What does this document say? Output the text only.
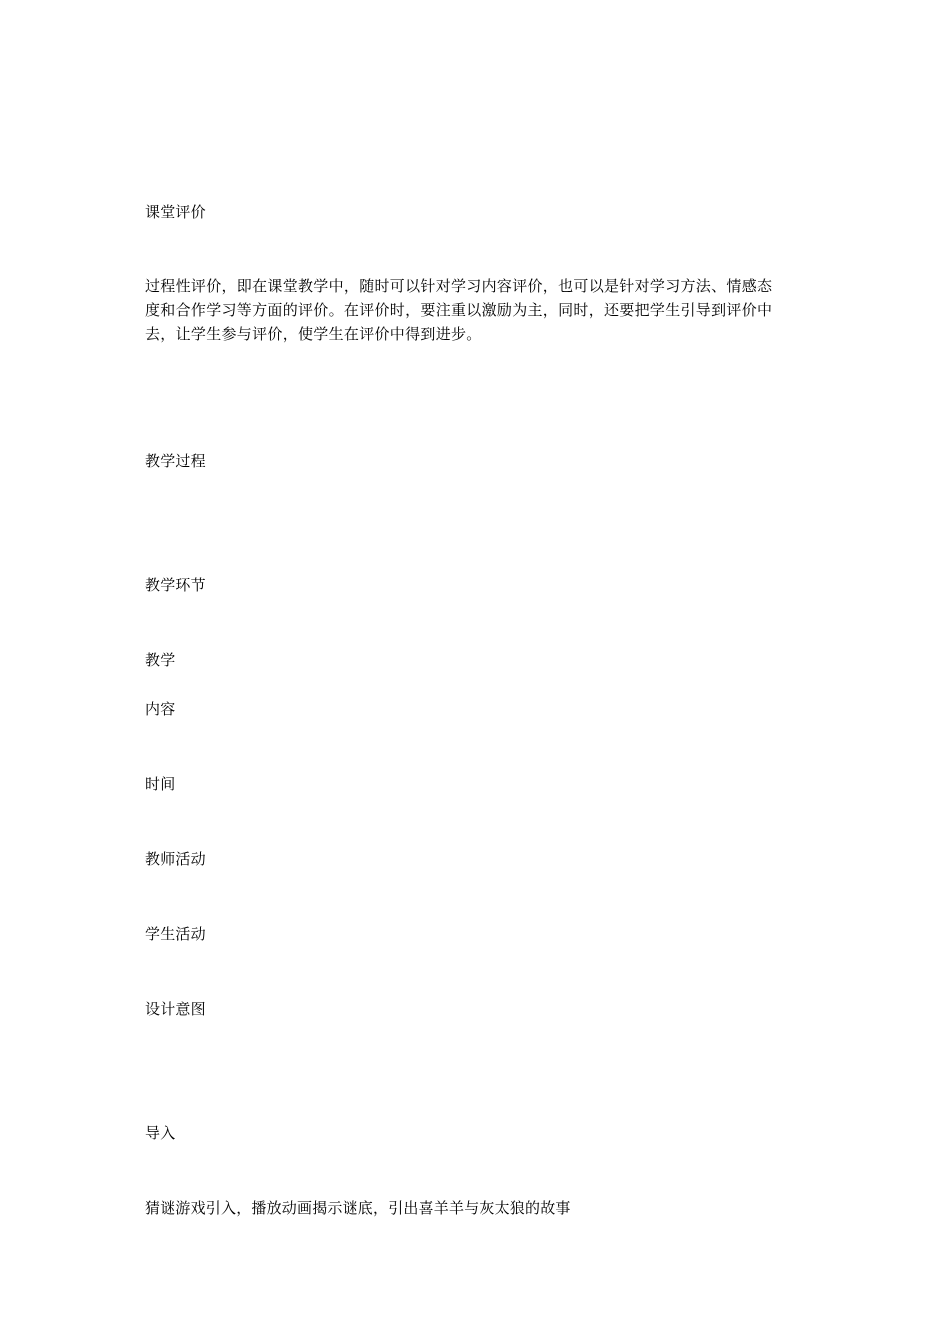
课堂评价
过程性评价，即在课堂教学中，随时可以针对学习内容评价，也可以是针对学习方法、情感态
度和合作学习等方面的评价。在评价时，要注重以激励为主，同时，还要把学生引导到评价中
去，让学生参与评价，使学生在评价中得到进步。
教学过程
教学环节
教学
内容
时间
教师活动
学生活动
设计意图
导入
猜谜游戏引入，播放动画揭示谜底，引出喜羊羊与灰太狼的故事
